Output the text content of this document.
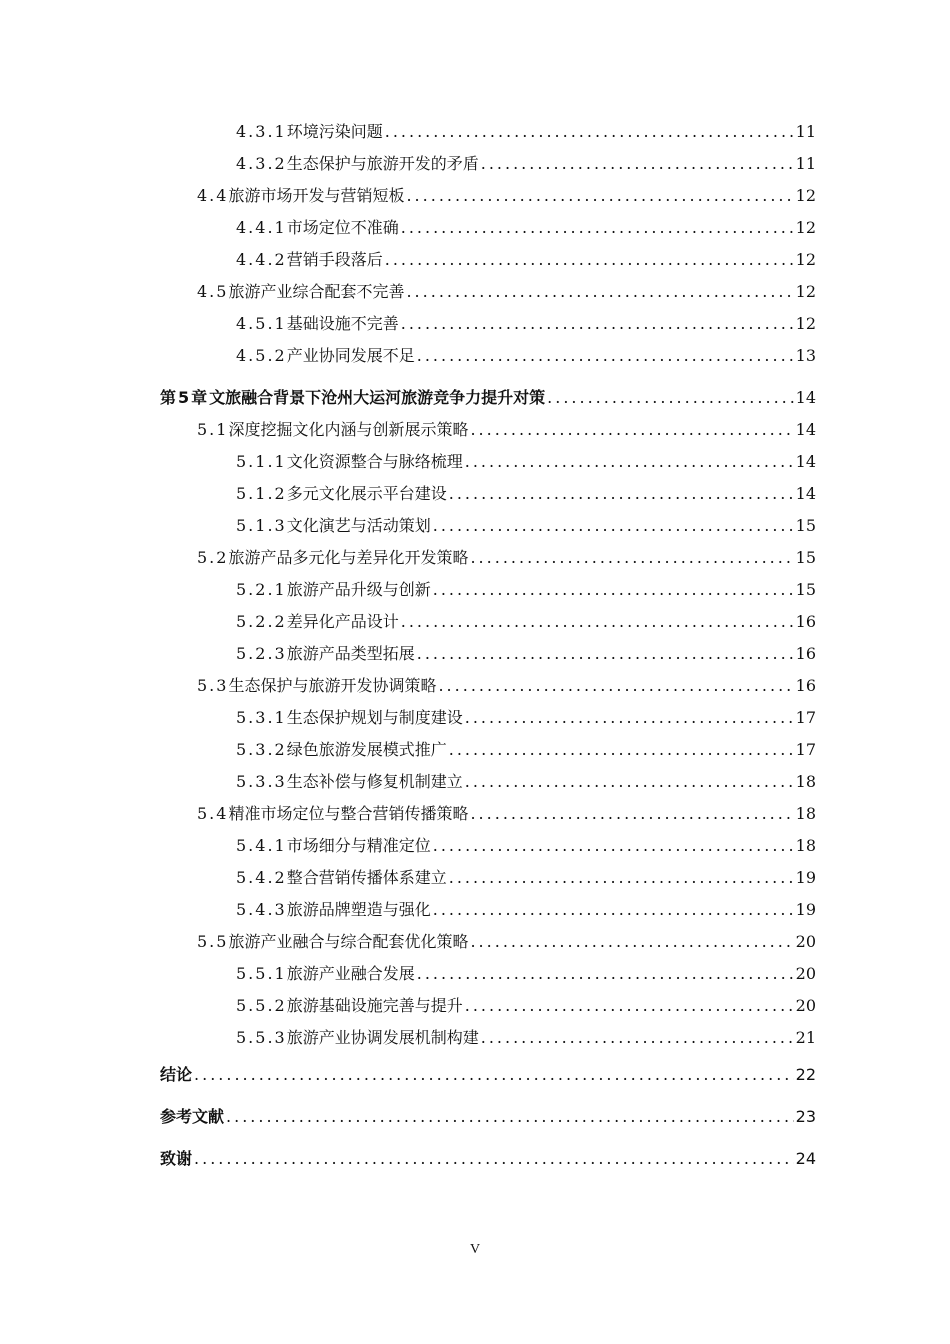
4.3.1 环境污染问题 .....	11
4.3.2 生态保护与旅游开发的矛盾 .....	11
4.4 旅游市场开发与营销短板 .....	12
4.4.1 市场定位不准确 .....	12
4.4.2 营销手段落后 .....	12
4.5 旅游产业综合配套不完善 .....	12
4.5.1 基础设施不完善 .....	12
4.5.2 产业协同发展不足 .....	13
第5章 文旅融合背景下沧州大运河旅游竞争力提升对策 .....	14
5.1 深度挖掘文化内涵与创新展示策略 .....	14
5.1.1 文化资源整合与脉络梳理 .....	14
5.1.2 多元文化展示平台建设 .....	14
5.1.3 文化演艺与活动策划 .....	15
5.2 旅游产品多元化与差异化开发策略 .....	15
5.2.1 旅游产品升级与创新 .....	15
5.2.2 差异化产品设计 .....	16
5.2.3 旅游产品类型拓展 .....	16
5.3 生态保护与旅游开发协调策略 .....	16
5.3.1 生态保护规划与制度建设 .....	17
5.3.2 绿色旅游发展模式推广 .....	17
5.3.3 生态补偿与修复机制建立 .....	18
5.4 精准市场定位与整合营销传播策略 .....	18
5.4.1 市场细分与精准定位 .....	18
5.4.2 整合营销传播体系建立 .....	19
5.4.3 旅游品牌塑造与强化 .....	19
5.5 旅游产业融合与综合配套优化策略 .....	20
5.5.1 旅游产业融合发展 .....	20
5.5.2 旅游基础设施完善与提升 .....	20
5.5.3 旅游产业协调发展机制构建 .....	21
结论 .....	22
参考文献 .....	23
致谢 .....	24
V
